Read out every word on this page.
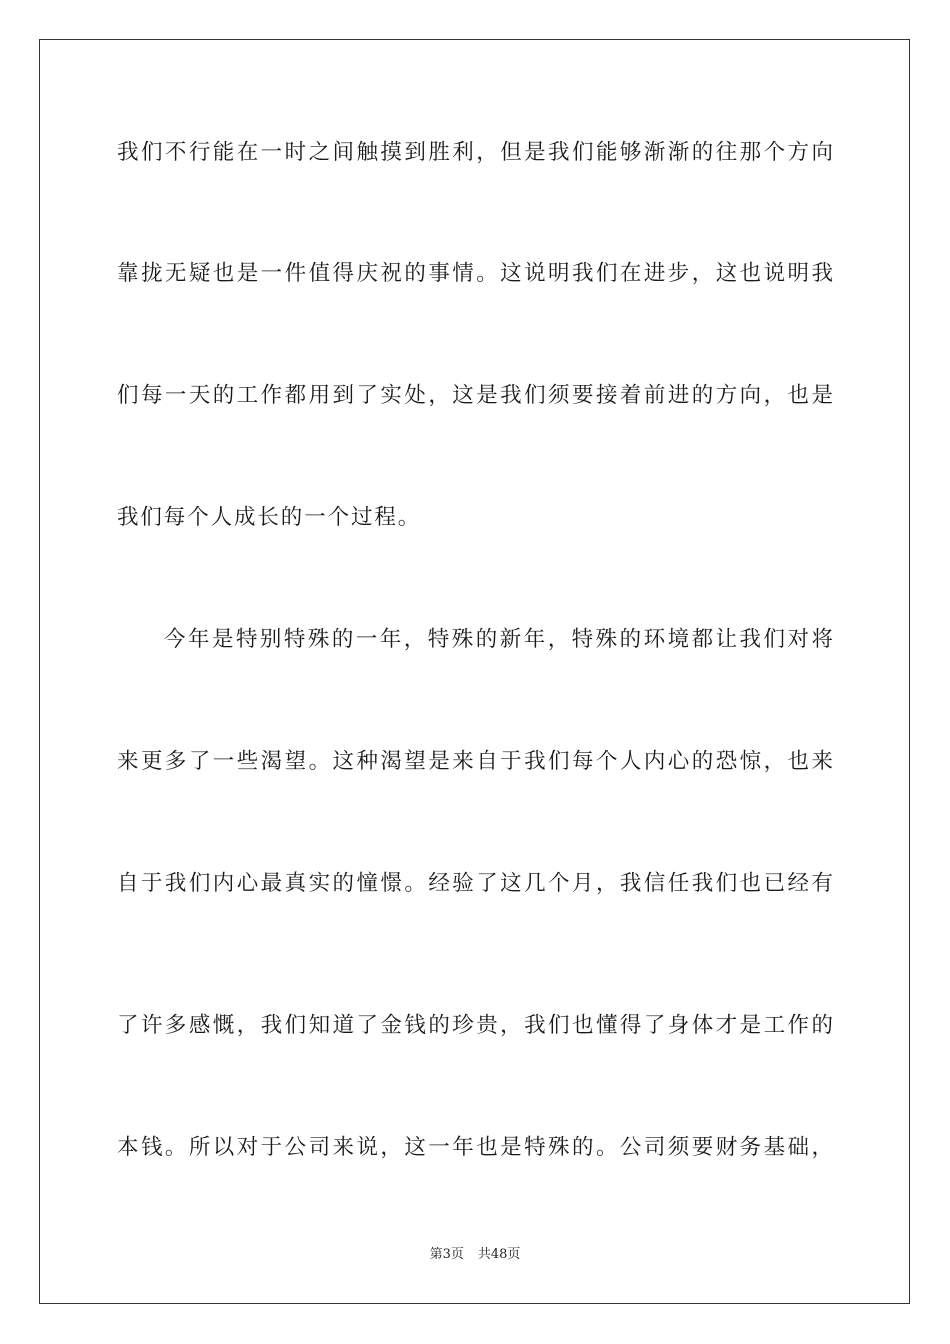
我们不行能在一时之间触摸到胜利，但是我们能够渐渐的往那个方向
靠拢无疑也是一件值得庆祝的事情。这说明我们在进步，这也说明我
们每一天的工作都用到了实处，这是我们须要接着前进的方向，也是
我们每个人成长的一个过程。
今年是特别特殊的一年，特殊的新年，特殊的环境都让我们对将
来更多了一些渴望。这种渴望是来自于我们每个人内心的恐惊，也来
自于我们内心最真实的憧憬。经验了这几个月，我信任我们也已经有
了许多感慨，我们知道了金钱的珍贵，我们也懂得了身体才是工作的
本钱。所以对于公司来说，这一年也是特殊的。公司须要财务基础，
第3页 共48页
